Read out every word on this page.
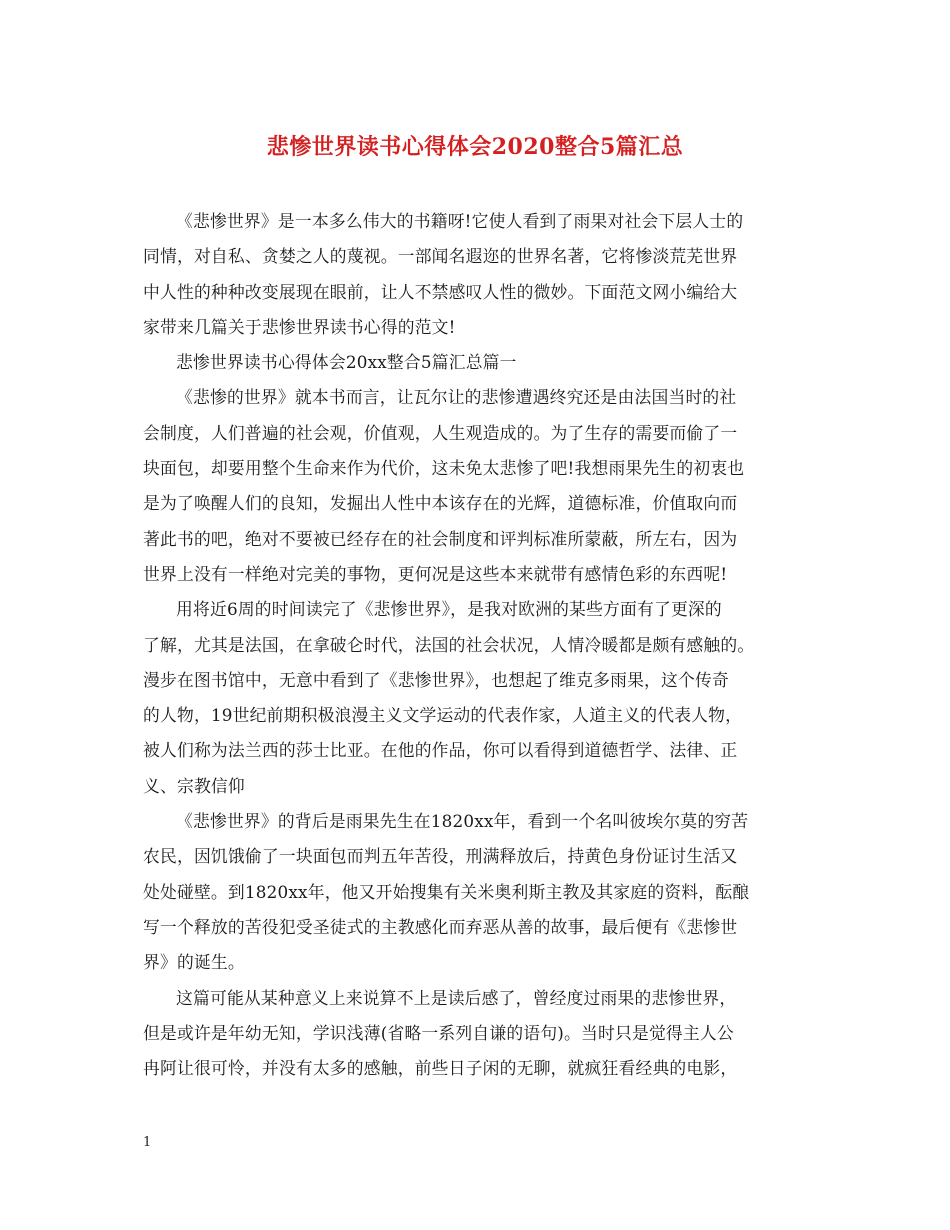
悲惨世界读书心得体会2020整合5篇汇总
《悲惨世界》是一本多么伟大的书籍呀!它使人看到了雨果对社会下层人士的
同情，对自私、贪婪之人的蔑视。一部闻名遐迩的世界名著，它将惨淡荒芜世界
中人性的种种改变展现在眼前，让人不禁感叹人性的微妙。下面范文网小编给大
家带来几篇关于悲惨世界读书心得的范文!
悲惨世界读书心得体会20xx整合5篇汇总篇一
《悲惨的世界》就本书而言，让瓦尔让的悲惨遭遇终究还是由法国当时的社
会制度，人们普遍的社会观，价值观，人生观造成的。为了生存的需要而偷了一
块面包，却要用整个生命来作为代价，这未免太悲惨了吧!我想雨果先生的初衷也
是为了唤醒人们的良知，发掘出人性中本该存在的光辉，道德标准，价值取向而
著此书的吧，绝对不要被已经存在的社会制度和评判标准所蒙蔽，所左右，因为
世界上没有一样绝对完美的事物，更何况是这些本来就带有感情色彩的东西呢!
用将近6周的时间读完了《悲惨世界》，是我对欧洲的某些方面有了更深的
了解，尤其是法国，在拿破仑时代，法国的社会状况，人情冷暖都是颇有感触的。
漫步在图书馆中，无意中看到了《悲惨世界》，也想起了维克多雨果，这个传奇
的人物，19世纪前期积极浪漫主义文学运动的代表作家，人道主义的代表人物，
被人们称为法兰西的莎士比亚。在他的作品，你可以看得到道德哲学、法律、正
义、宗教信仰
《悲惨世界》的背后是雨果先生在1820xx年，看到一个名叫彼埃尔莫的穷苦
农民，因饥饿偷了一块面包而判五年苦役，刑满释放后，持黄色身份证讨生活又
处处碰壁。到1820xx年，他又开始搜集有关米奥利斯主教及其家庭的资料，酝酿
写一个释放的苦役犯受圣徒式的主教感化而弃恶从善的故事，最后便有《悲惨世
界》的诞生。
这篇可能从某种意义上来说算不上是读后感了，曾经度过雨果的悲惨世界，
但是或许是年幼无知，学识浅薄(省略一系列自谦的语句)。当时只是觉得主人公
冉阿让很可怜，并没有太多的感触，前些日子闲的无聊，就疯狂看经典的电影，
1
